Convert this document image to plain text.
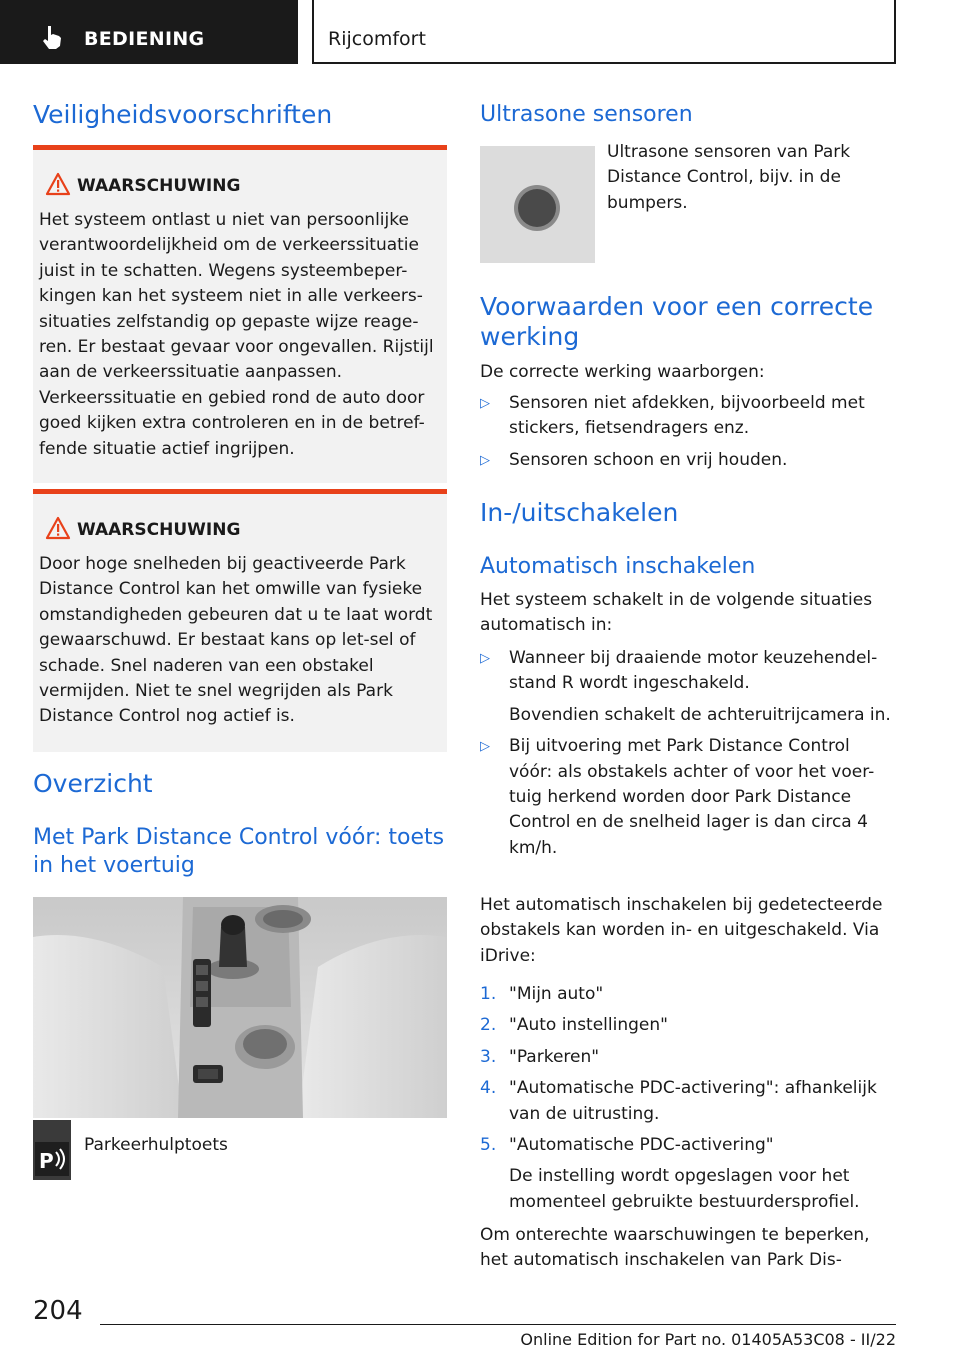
BEDIENING	Rijcomfort
Veiligheidsvoorschriften
WAARSCHUWING
Het systeem ontlast u niet van persoonlijke verantwoordelijkheid om de verkeerssituatie juist in te schatten. Wegens systeembeper-kingen kan het systeem niet in alle verkeers-situaties zelfstandig op gepaste wijze reage-ren. Er bestaat gevaar voor ongevallen. Rijstijl aan de verkeerssituatie aanpassen. Verkeerssituatie en gebied rond de auto door goed kijken extra controleren en in de betref-fende situatie actief ingrijpen.
WAARSCHUWING
Door hoge snelheden bij geactiveerde Park Distance Control kan het omwille van fysieke omstandigheden gebeuren dat u te laat wordt gewaarschuwd. Er bestaat kans op let-sel of schade. Snel naderen van een obstakel vermijden. Niet te snel wegrijden als Park Distance Control nog actief is.
Overzicht
Met Park Distance Control vóór: toets in het voertuig
P
Parkeerhulptoets
Ultrasone sensoren
Ultrasone sensoren van Park Distance Control, bijv. in de bumpers.
Voorwaarden voor een correcte werking
De correcte werking waarborgen:
▷ Sensoren niet afdekken, bijvoorbeeld met stickers, fietsendragers enz.
▷ Sensoren schoon en vrij houden.
In-/uitschakelen
Automatisch inschakelen
Het systeem schakelt in de volgende situaties automatisch in:
▷ Wanneer bij draaiende motor keuzehendel-stand R wordt ingeschakeld.
Bovendien schakelt de achteruitrijcamera in.
▷ Bij uitvoering met Park Distance Control vóór: als obstakels achter of voor het voer-tuig herkend worden door Park Distance Control en de snelheid lager is dan circa 4 km/h.
Het automatisch inschakelen bij gedetecteerde obstakels kan worden in- en uitgeschakeld. Via iDrive:
1. "Mijn auto"
2. "Auto instellingen"
3. "Parkeren"
4. "Automatische PDC-activering": afhankelijk van de uitrusting.
5. "Automatische PDC-activering"
De instelling wordt opgeslagen voor het momenteel gebruikte bestuurdersprofiel.
Om onterechte waarschuwingen te beperken, het automatisch inschakelen van Park Dis-
204
Online Edition for Part no. 01405A53C08 - II/22
